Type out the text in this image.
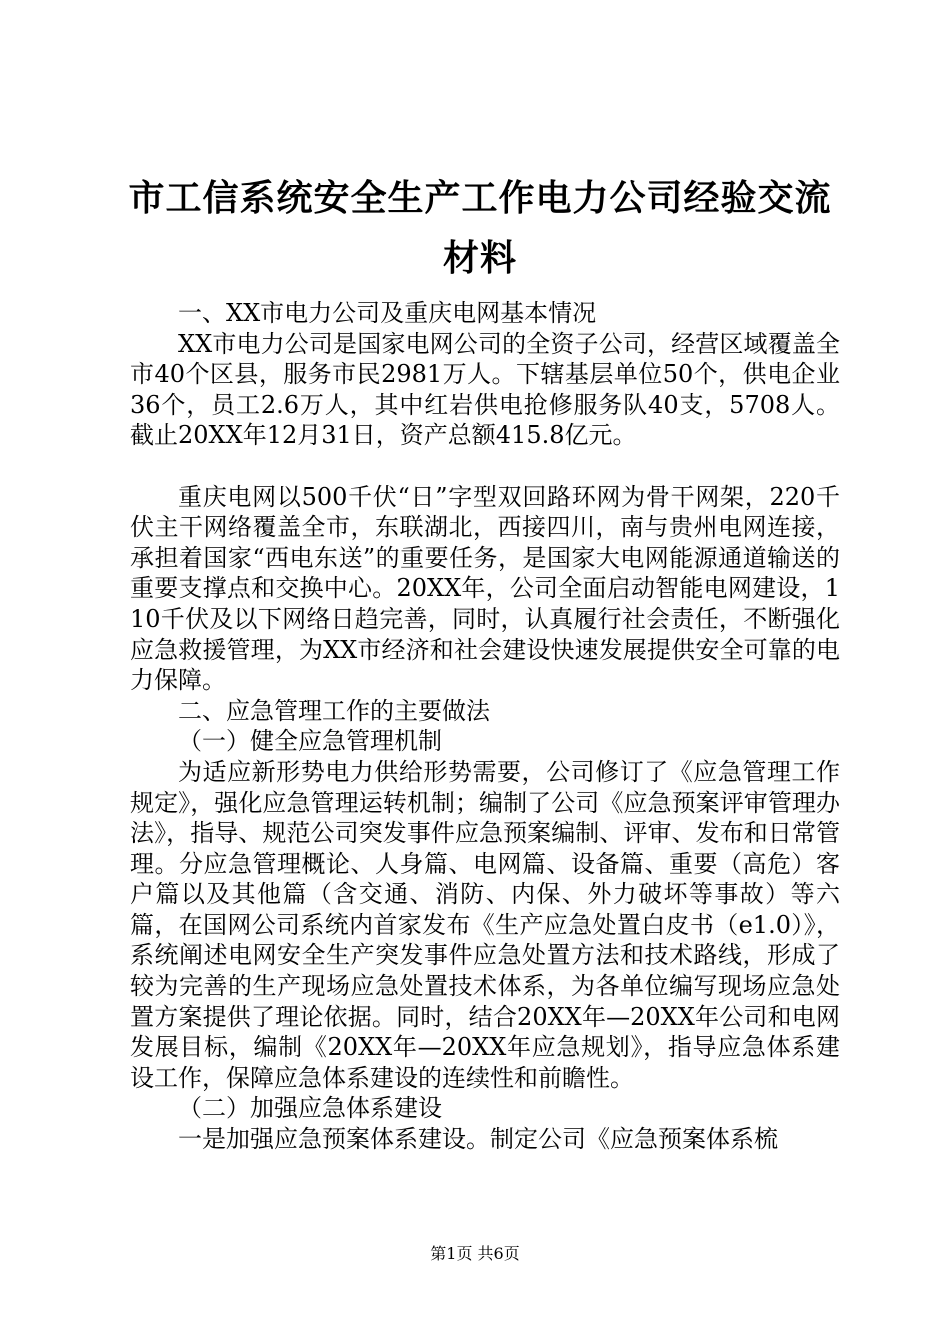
市工信系统安全生产工作电力公司经验交流材料

一、XX市电力公司及重庆电网基本情况

XX市电力公司是国家电网公司的全资子公司，经营区域覆盖全市40个区县，服务市民2981万人。下辖基层单位50个，供电企业36个，员工2.6万人，其中红岩供电抢修服务队40支，5708人。截止20XX年12月31日，资产总额415.8亿元。

重庆电网以500千伏“日”字型双回路环网为骨干网架，220千伏主干网络覆盖全市，东联湖北，西接四川，南与贵州电网连接，承担着国家“西电东送”的重要任务，是国家大电网能源通道输送的重要支撑点和交换中心。20XX年，公司全面启动智能电网建设，110千伏及以下网络日趋完善，同时，认真履行社会责任，不断强化应急救援管理，为XX市经济和社会建设快速发展提供安全可靠的电力保障。

二、应急管理工作的主要做法

（一）健全应急管理机制

为适应新形势电力供给形势需要，公司修订了《应急管理工作规定》，强化应急管理运转机制；编制了公司《应急预案评审管理办法》，指导、规范公司突发事件应急预案编制、评审、发布和日常管理。分应急管理概论、人身篇、电网篇、设备篇、重要（高危）客户篇以及其他篇（含交通、消防、内保、外力破坏等事故）等六篇，在国网公司系统内首家发布《生产应急处置白皮书（e1.0）》，系统阐述电网安全生产突发事件应急处置方法和技术路线，形成了较为完善的生产现场应急处置技术体系，为各单位编写现场应急处置方案提供了理论依据。同时，结合20XX年—20XX年公司和电网发展目标，编制《20XX年—20XX年应急规划》，指导应急体系建设工作，保障应急体系建设的连续性和前瞻性。

（二）加强应急体系建设

一是加强应急预案体系建设。制定公司《应急预案体系梳

第1页 共6页
